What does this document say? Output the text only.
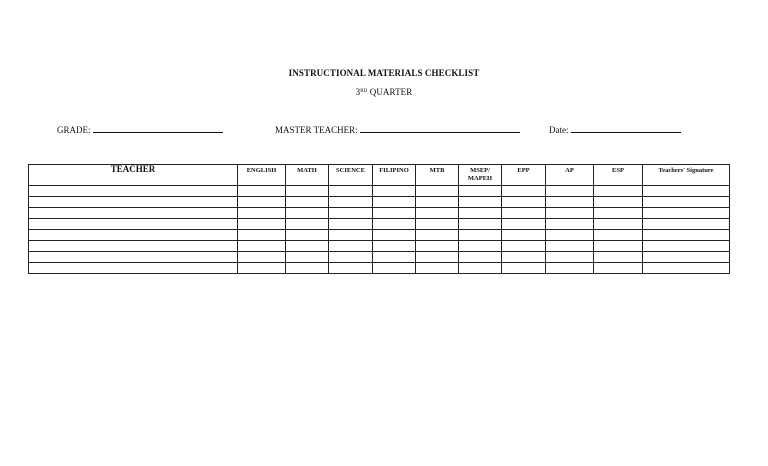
INSTRUCTIONAL MATERIALS CHECKLIST
3RD QUARTER
GRADE:	MASTER TEACHER:	Date:
TEACHER	ENGLISH	MATH	SCIENCE	FILIPINO	MTB	MSEP/ MAPEH	EPP	AP	ESP	Teachers' Signature
